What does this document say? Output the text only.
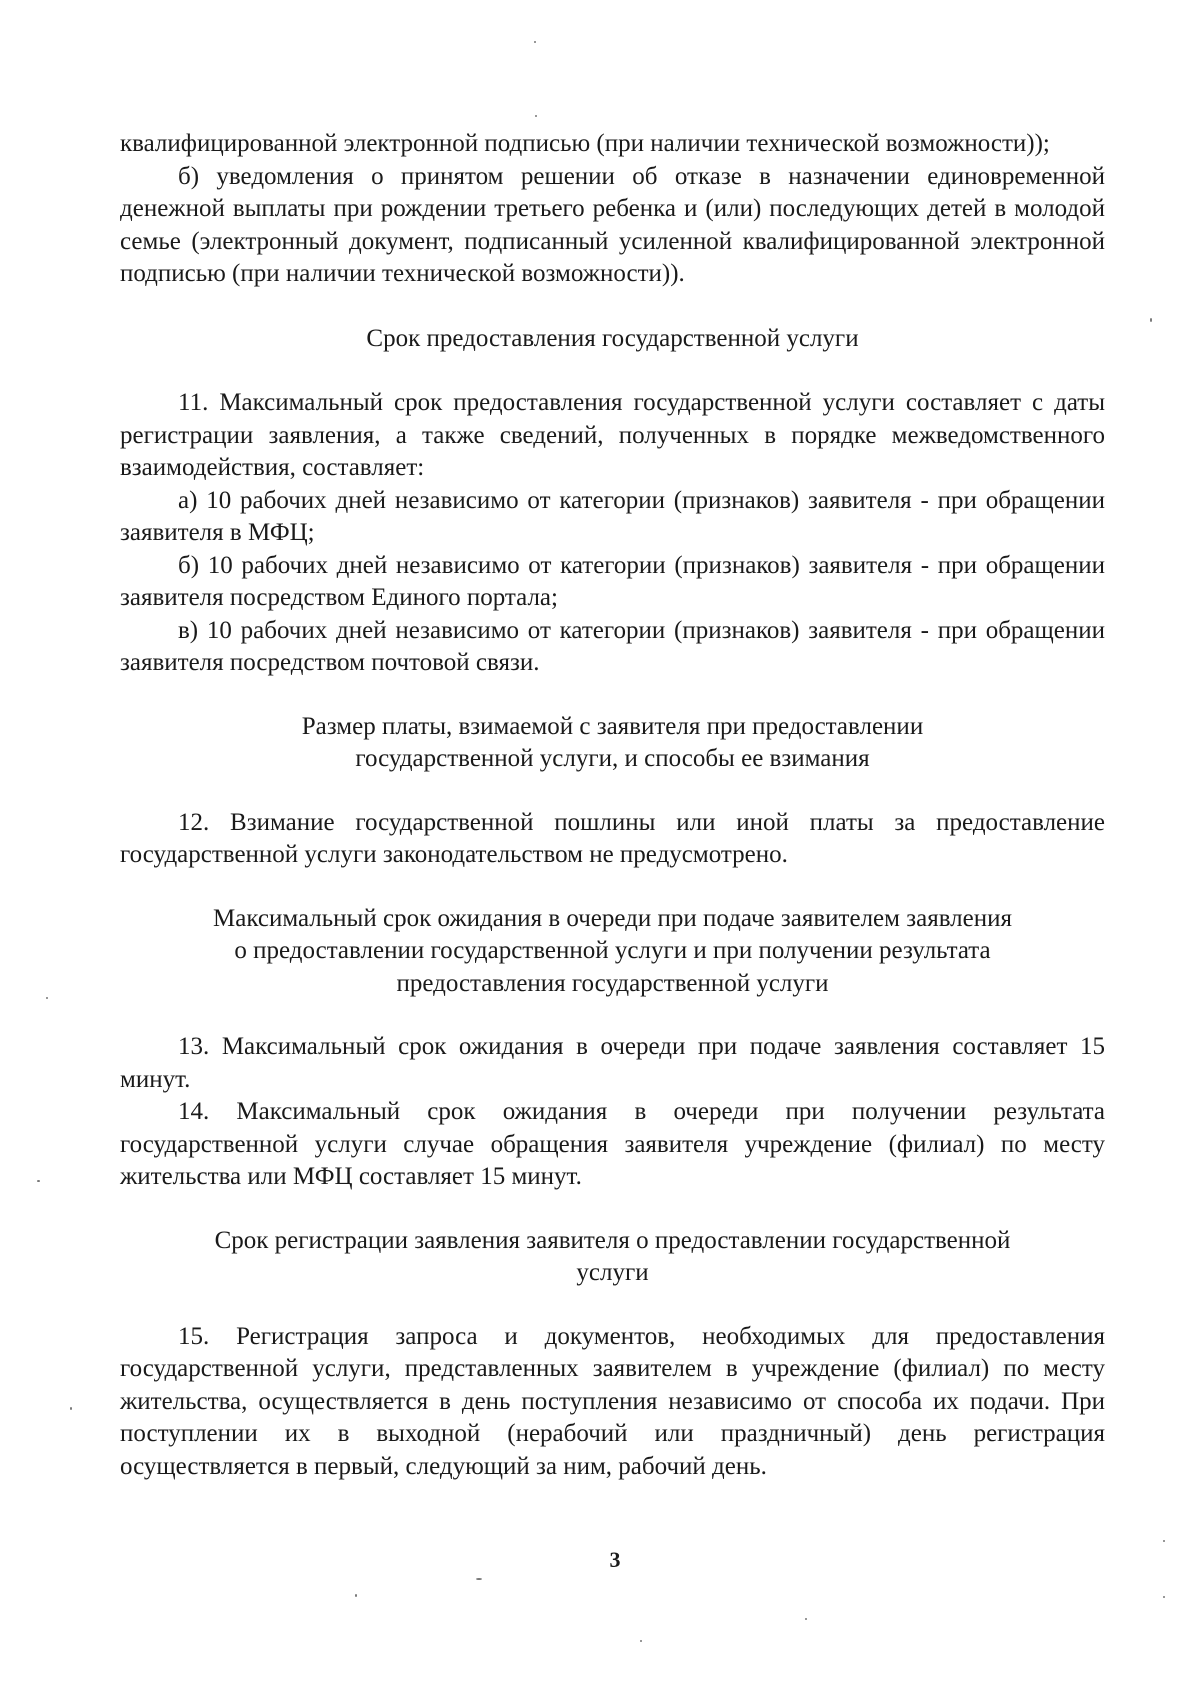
квалифицированной электронной подписью (при наличии технической возможности));

б) уведомления о принятом решении об отказе в назначении единовременной денежной выплаты при рождении третьего ребенка и (или) последующих детей в молодой семье (электронный документ, подписанный усиленной квалифицированной электронной подписью (при наличии технической возможности)).

Срок предоставления государственной услуги

11. Максимальный срок предоставления государственной услуги составляет с даты регистрации заявления, а также сведений, полученных в порядке межведомственного взаимодействия, составляет:

а) 10 рабочих дней независимо от категории (признаков) заявителя - при обращении заявителя в МФЦ;

б) 10 рабочих дней независимо от категории (признаков) заявителя - при обращении заявителя посредством Единого портала;

в) 10 рабочих дней независимо от категории (признаков) заявителя - при обращении заявителя посредством почтовой связи.

Размер платы, взимаемой с заявителя при предоставлении
государственной услуги, и способы ее взимания

12. Взимание государственной пошлины или иной платы за предоставление государственной услуги законодательством не предусмотрено.

Максимальный срок ожидания в очереди при подаче заявителем заявления
о предоставлении государственной услуги и при получении результата
предоставления государственной услуги

13. Максимальный срок ожидания в очереди при подаче заявления составляет 15 минут.

14. Максимальный срок ожидания в очереди при получении результата государственной услуги случае обращения заявителя учреждение (филиал) по месту жительства или МФЦ составляет 15 минут.

Срок регистрации заявления заявителя о предоставлении государственной
услуги

15. Регистрация запроса и документов, необходимых для предоставления государственной услуги, представленных заявителем в учреждение (филиал) по месту жительства, осуществляется в день поступления независимо от способа их подачи. При поступлении их в выходной (нерабочий или праздничный) день регистрация осуществляется в первый, следующий за ним, рабочий день.

3
